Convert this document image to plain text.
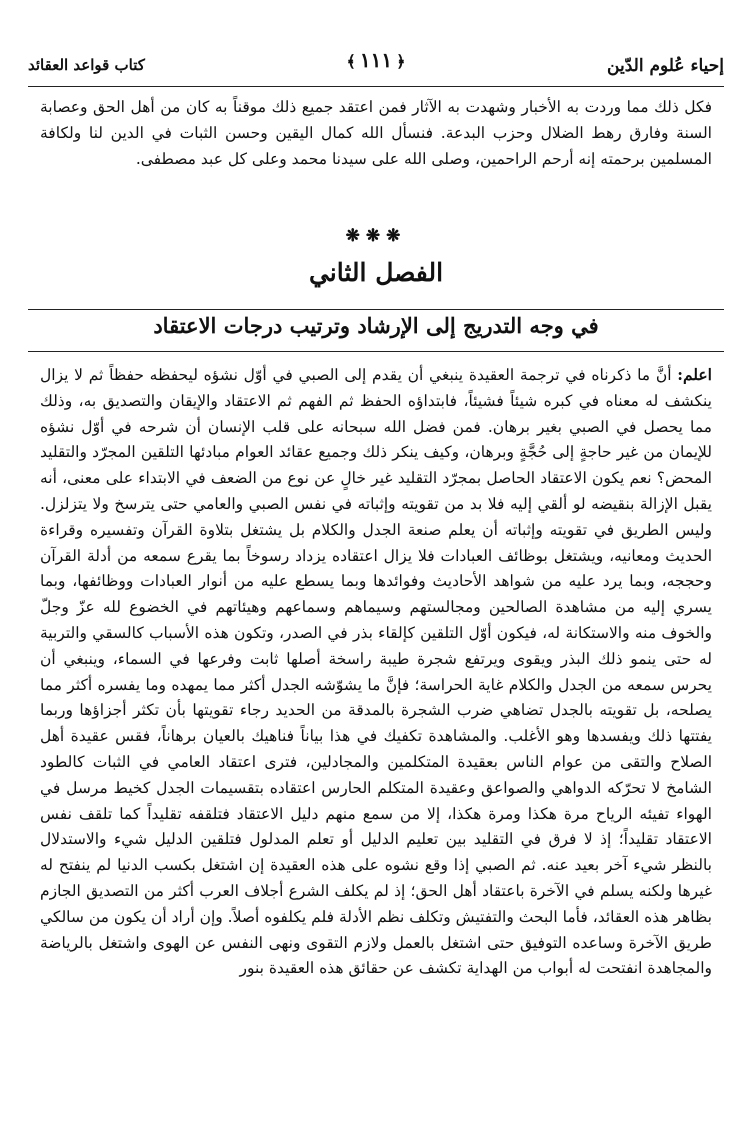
إحياء عُلوم الدّين
﴿١١١﴾
كتاب قواعد العقائد
فكل ذلك مما وردت به الأخبار وشهدت به الآثار فمن اعتقد جميع ذلك موقناً به كان من أهل الحق وعصابة السنة وفارق رهط الضلال وحزب البدعة. فنسأل الله كمال اليقين وحسن الثبات في الدين لنا ولكافة المسلمين برحمته إنه أرحم الراحمين، وصلى الله على سيدنا محمد وعلى كل عبد مصطفى.
❋❋❋
الفصل الثاني
في وجه التدريج إلى الإرشاد وترتيب درجات الاعتقاد
اعلم: أنَّ ما ذكرناه في ترجمة العقيدة ينبغي أن يقدم إلى الصبي في أوّل نشؤه ليحفظه حفظاً ثم لا يزال ينكشف له معناه في كبره شيئاً فشيئاً، فابتداؤه الحفظ ثم الفهم ثم الاعتقاد والإيقان والتصديق به، وذلك مما يحصل في الصبي بغير برهان. فمن فضل الله سبحانه على قلب الإنسان أن شرحه في أوّل نشؤه للإيمان من غير حاجةٍ إلى حُجَّةٍ وبرهان، وكيف ينكر ذلك وجميع عقائد العوام مبادئها التلقين المجرّد والتقليد المحض؟ نعم يكون الاعتقاد الحاصل بمجرّد التقليد غير خالٍ عن نوع من الضعف في الابتداء على معنى، أنه يقبل الإزالة بنقيضه لو ألقي إليه فلا بد من تقويته وإثباته في نفس الصبي والعامي حتى يترسخ ولا يتزلزل. وليس الطريق في تقويته وإثباته أن يعلم صنعة الجدل والكلام بل يشتغل بتلاوة القرآن وتفسيره وقراءة الحديث ومعانيه، ويشتغل بوظائف العبادات فلا يزال اعتقاده يزداد رسوخاً بما يقرع سمعه من أدلة القرآن وحججه، وبما يرد عليه من شواهد الأحاديث وفوائدها وبما يسطع عليه من أنوار العبادات ووظائفها، وبما يسري إليه من مشاهدة الصالحين ومجالستهم وسيماهم وسماعهم وهيئاتهم في الخضوع لله عزّ وجلّ والخوف منه والاستكانة له، فيكون أوّل التلقين كإلقاء بذر في الصدر، وتكون هذه الأسباب كالسقي والتربية له حتى ينمو ذلك البذر ويقوى ويرتفع شجرة طيبة راسخة أصلها ثابت وفرعها في السماء، وينبغي أن يحرس سمعه من الجدل والكلام غاية الحراسة؛ فإنَّ ما يشوّشه الجدل أكثر مما يمهده وما يفسره أكثر مما يصلحه، بل تقويته بالجدل تضاهي ضرب الشجرة بالمدقة من الحديد رجاء تقويتها بأن تكثر أجزاؤها وربما يفتتها ذلك ويفسدها وهو الأغلب. والمشاهدة تكفيك في هذا بياناً فناهيك بالعيان برهاناً، فقس عقيدة أهل الصلاح والتقى من عوام الناس بعقيدة المتكلمين والمجادلين، فترى اعتقاد العامي في الثبات كالطود الشامخ لا تحرّكه الدواهي والصواعق وعقيدة المتكلم الحارس اعتقاده بتقسيمات الجدل كخيط مرسل في الهواء تفيئه الرياح مرة هكذا ومرة هكذا، إلا من سمع منهم دليل الاعتقاد فتلقفه تقليداً كما تلقف نفس الاعتقاد تقليداً؛ إذ لا فرق في التقليد بين تعليم الدليل أو تعلم المدلول فتلقين الدليل شيء والاستدلال بالنظر شيء آخر بعيد عنه. ثم الصبي إذا وقع نشوه على هذه العقيدة إن اشتغل بكسب الدنيا لم ينفتح له غيرها ولكنه يسلم في الآخرة باعتقاد أهل الحق؛ إذ لم يكلف الشرع أجلاف العرب أكثر من التصديق الجازم بظاهر هذه العقائد، فأما البحث والتفتيش وتكلف نظم الأدلة فلم يكلفوه أصلاً. وإن أراد أن يكون من سالكي طريق الآخرة وساعده التوفيق حتى اشتغل بالعمل ولازم التقوى ونهى النفس عن الهوى واشتغل بالرياضة والمجاهدة انفتحت له أبواب من الهداية تكشف عن حقائق هذه العقيدة بنور
